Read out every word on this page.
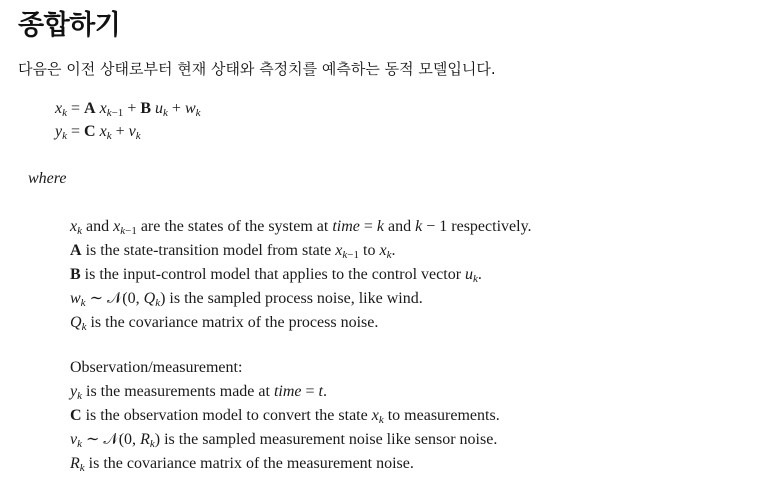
종합하기

다음은 이전 상태로부터 현재 상태와 측정치를 예측하는 동적 모델입니다.

$x_k = A$ $x_{k-1} + B$ $u_k + w_k$
$y_k = C$ $x_k + v_k$
where
$x_k$ and $x_{k-1}$ are the states of the system at time = k and k − 1 respectively.
A is the state-transition model from state $x_{k-1}$ to $x_k$.
B is the input-control model that applies to the control vector $u_k$.
$w_k$ ∼ 𝒩(0, $Q_k$) is the sampled process noise, like wind.
$Q_k$ is the covariance matrix of the process noise.
Observation/measurement:
$y_k$ is the measurements made at time = t.
C is the observation model to convert the state $x_k$ to measurements.
$v_k$ ∼ 𝒩(0, $R_k$) is the sampled measurement noise like sensor noise.
$R_k$ is the covariance matrix of the measurement noise.
